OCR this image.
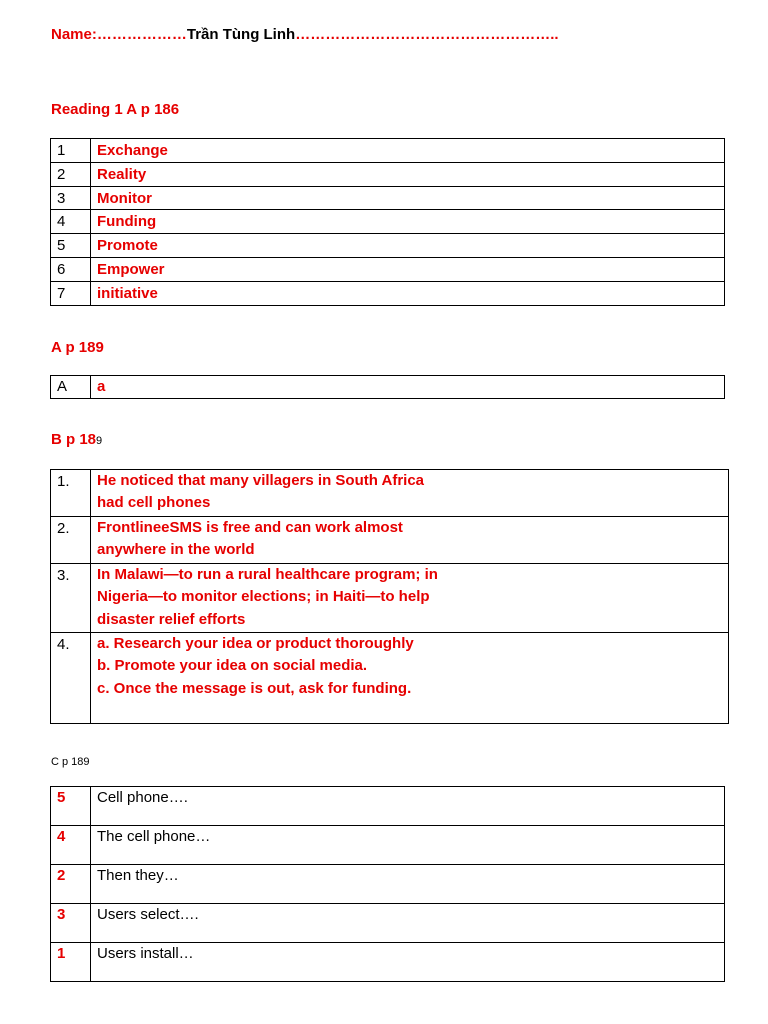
Name:………………Trần Tùng Linh……………………………………………..
Reading 1 A p 186
1	Exchange
2	Reality
3	Monitor
4	Funding
5	Promote
6	Empower
7	initiative
A p 189
A	a
B p 189
1.	He noticed that many villagers in South Africa
had cell phones

2.	FrontlineeSMS is free and can work almost
anywhere in the world

3.	In Malawi—to run a rural healthcare program; in
Nigeria—to monitor elections; in Haiti—to help
disaster relief efforts

4.	a. Research your idea or product thoroughly
b. Promote your idea on social media.
c. Once the message is out, ask for funding.
C p 189
5	Cell phone….
4	The cell phone…
2	Then they…
3	Users select….
1	Users install…
